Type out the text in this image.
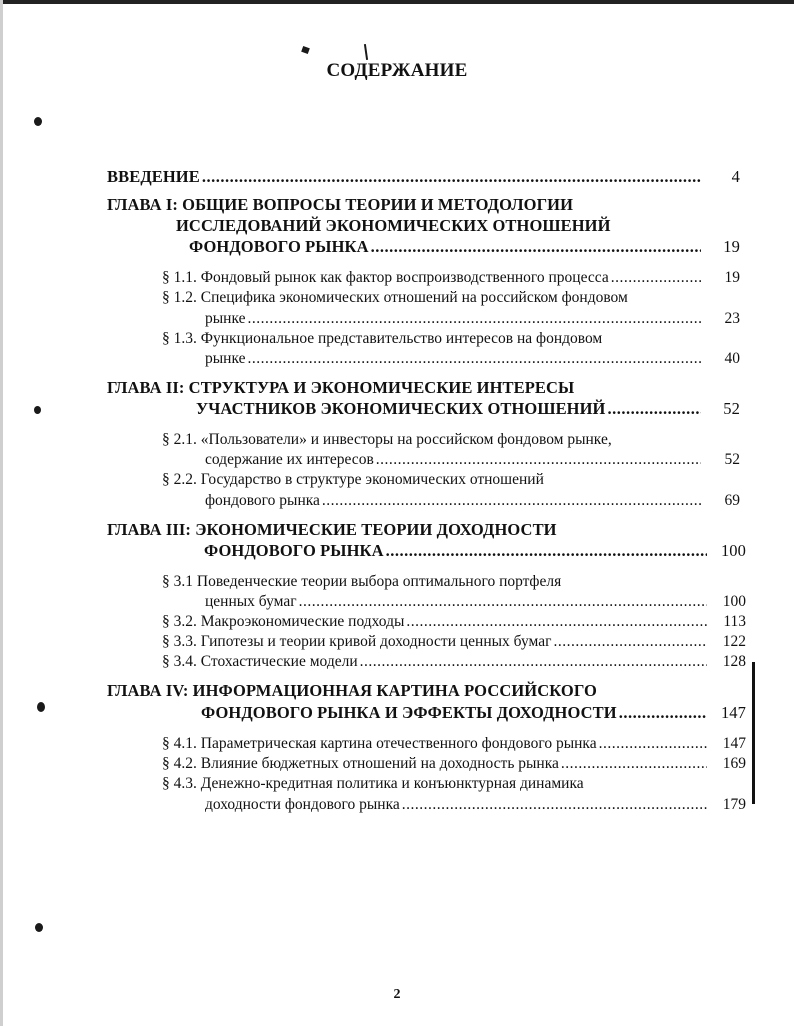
СОДЕРЖАНИЕ
ВВЕДЕНИЕ .....	4
ГЛАВА I: ОБЩИЕ ВОПРОСЫ ТЕОРИИ И МЕТОДОЛОГИИ
ИССЛЕДОВАНИЙ ЭКОНОМИЧЕСКИХ ОТНОШЕНИЙ
ФОНДОВОГО РЫНКА .....	19
§ 1.1. Фондовый рынок как фактор воспроизводственного процесса .....	19
§ 1.2. Специфика экономических отношений на российском фондовом
рынке .....	23
§ 1.3. Функциональное представительство интересов на фондовом
рынке .....	40
ГЛАВА II: СТРУКТУРА И ЭКОНОМИЧЕСКИЕ ИНТЕРЕСЫ
УЧАСТНИКОВ ЭКОНОМИЧЕСКИХ ОТНОШЕНИЙ .....	52
§ 2.1. «Пользователи» и инвесторы на российском фондовом рынке,
содержание их интересов .....	52
§ 2.2. Государство в структуре экономических отношений
фондового рынка .....	69
ГЛАВА III: ЭКОНОМИЧЕСКИЕ ТЕОРИИ ДОХОДНОСТИ
ФОНДОВОГО РЫНКА .....	100
§ 3.1 Поведенческие теории выбора оптимального портфеля
ценных бумаг .....	100
§ 3.2. Макроэкономические подходы .....	113
§ 3.3. Гипотезы и теории кривой доходности ценных бумаг .....	122
§ 3.4. Стохастические модели .....	128
ГЛАВА IV: ИНФОРМАЦИОННАЯ КАРТИНА РОССИЙСКОГО
ФОНДОВОГО РЫНКА И ЭФФЕКТЫ ДОХОДНОСТИ .....	147
§ 4.1. Параметрическая картина отечественного фондового рынка .....	147
§ 4.2. Влияние бюджетных отношений на доходность рынка .....	169
§ 4.3. Денежно-кредитная политика и конъюнктурная динамика
доходности фондового рынка .....	179
2
